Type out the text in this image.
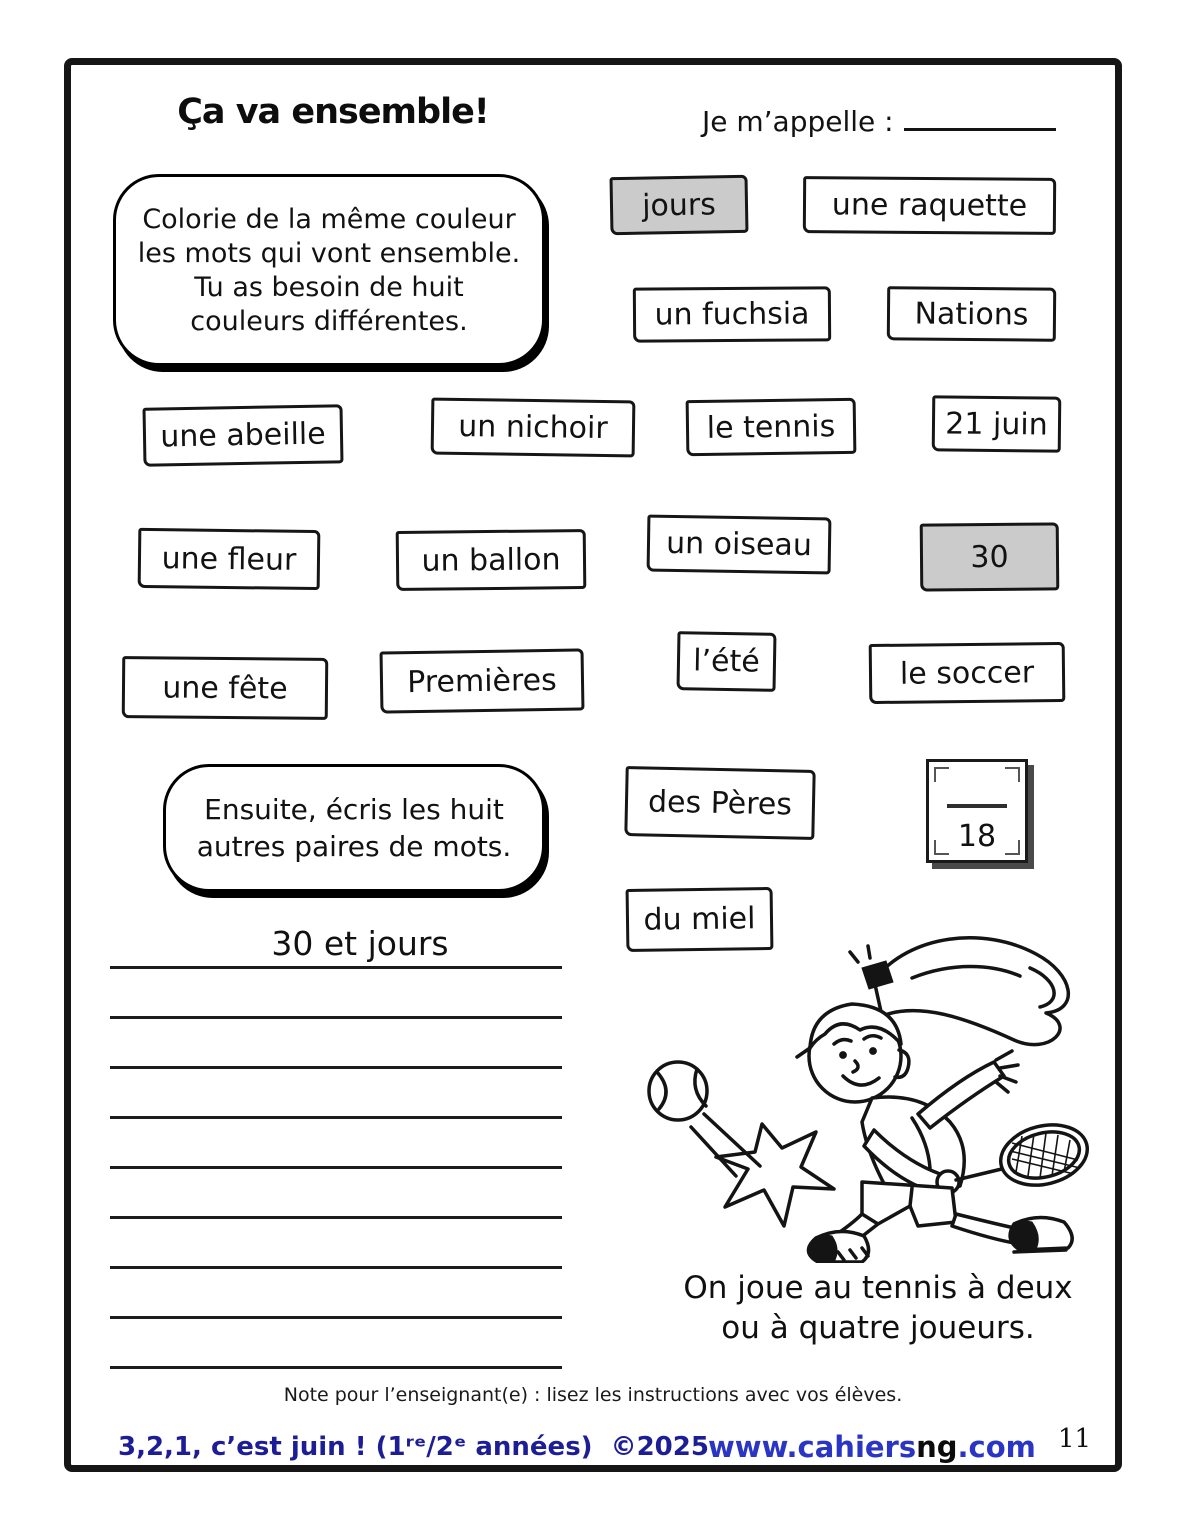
Ça va ensemble!	Je m’appelle :
Colorie de la même couleur
les mots qui vont ensemble.
Tu as besoin de huit
couleurs différentes.
jours	une raquette
un fuchsia	Nations
une abeille	un nichoir	le tennis	21 juin
une fleur	un ballon	un oiseau	30
une fête	Premières
l’été	le soccer
des Pères
du miel
18
Ensuite, écris les huit
autres paires de mots.
30 et jours
On joue au tennis à deux
ou à quatre joueurs.
Note pour l’enseignant(e) : lisez les instructions avec vos élèves.
3,2,1, c’est juin ! (1ʳᵉ/2ᵉ années) ©2025 www.cahiersng.com 11
